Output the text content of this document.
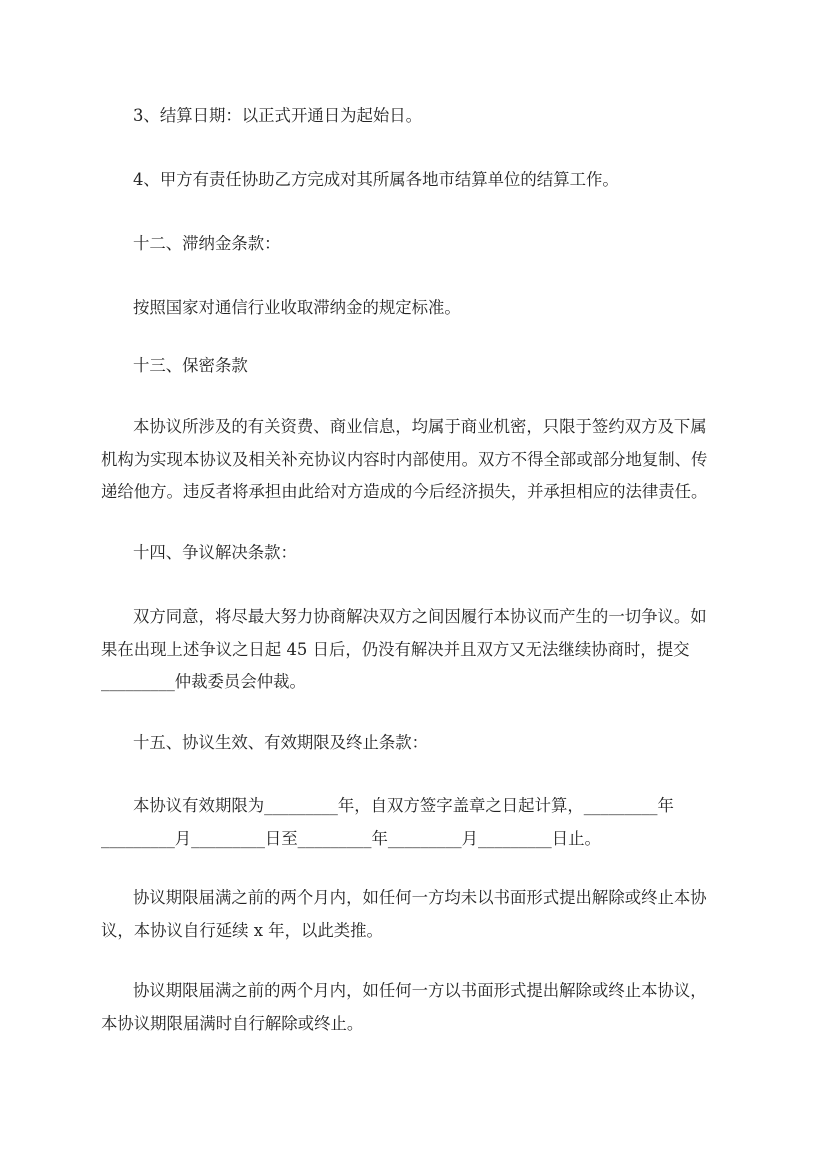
3、结算日期：以正式开通日为起始日。
4、甲方有责任协助乙方完成对其所属各地市结算单位的结算工作。
十二、滞纳金条款：
按照国家对通信行业收取滞纳金的规定标准。
十三、保密条款
本协议所涉及的有关资费、商业信息，均属于商业机密，只限于签约双方及下属
机构为实现本协议及相关补充协议内容时内部使用。双方不得全部或部分地复制、传
递给他方。违反者将承担由此给对方造成的今后经济损失，并承担相应的法律责任。
十四、争议解决条款：
双方同意，将尽最大努力协商解决双方之间因履行本协议而产生的一切争议。如
果在出现上述争议之日起 45 日后，仍没有解决并且双方又无法继续协商时，提交
_________仲裁委员会仲裁。
十五、协议生效、有效期限及终止条款：
本协议有效期限为_________年，自双方签字盖章之日起计算，_________年
_________月_________日至_________年_________月_________日止。
协议期限届满之前的两个月内，如任何一方均未以书面形式提出解除或终止本协
议，本协议自行延续 x 年，以此类推。
协议期限届满之前的两个月内，如任何一方以书面形式提出解除或终止本协议，
本协议期限届满时自行解除或终止。
